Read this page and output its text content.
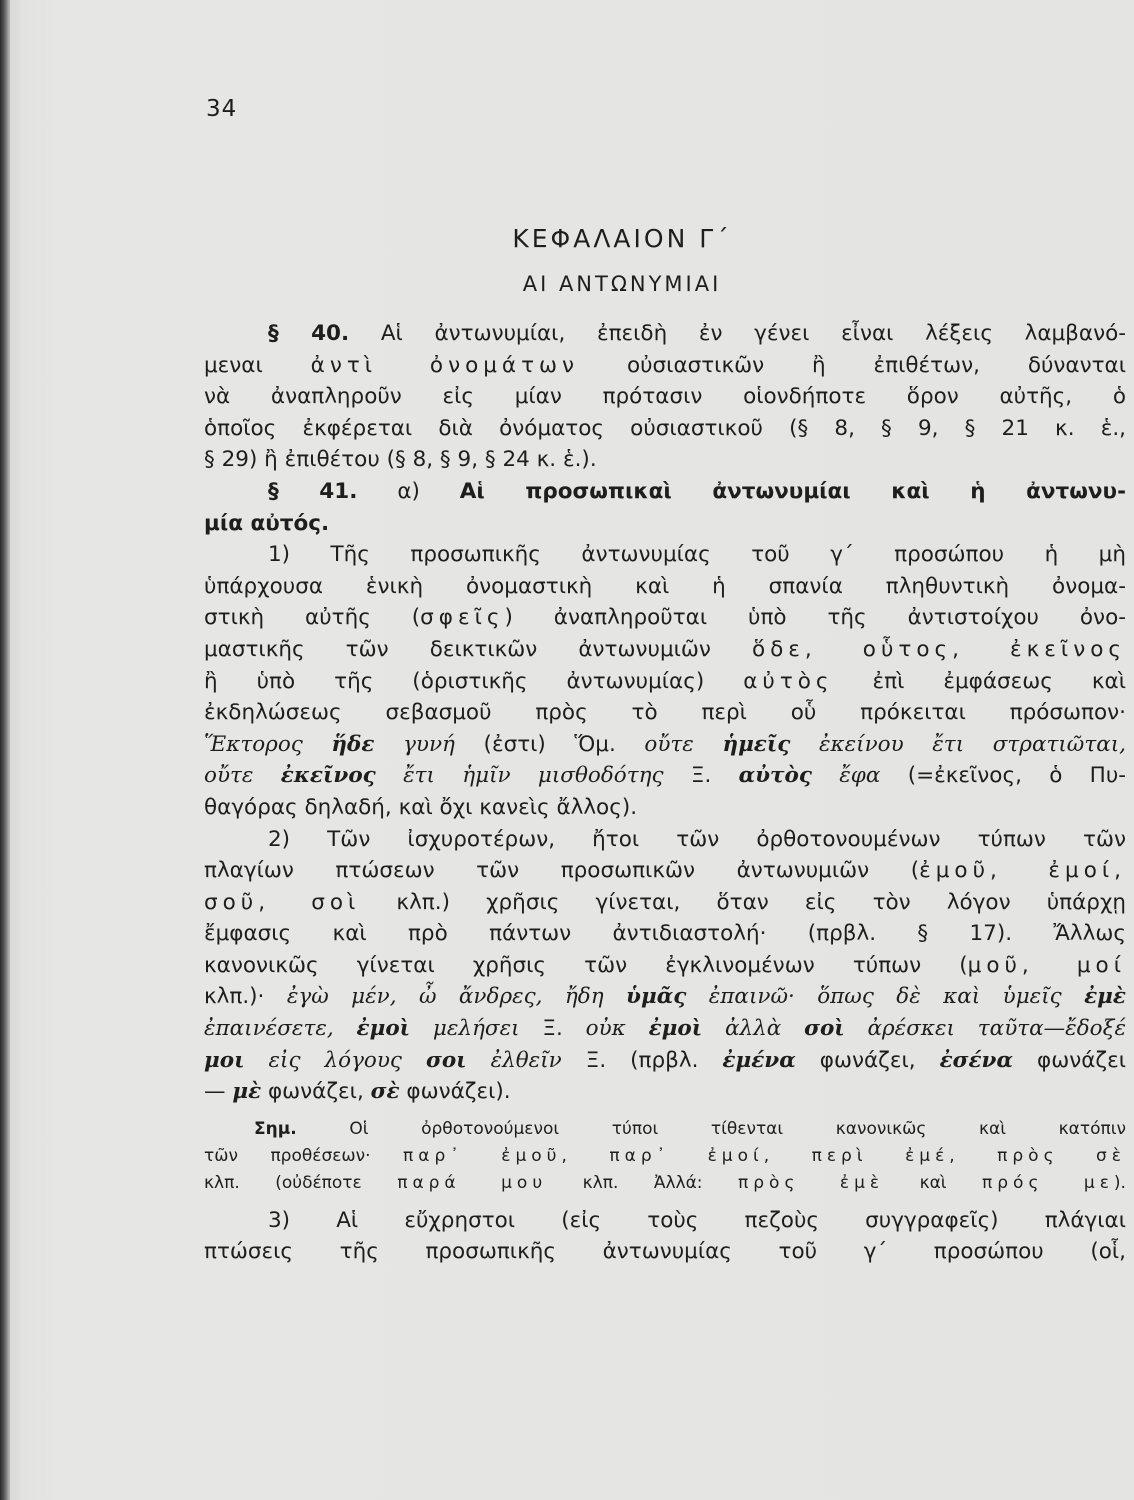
34
ΚΕΦΑΛΑΙΟΝ Γ΄
ΑΙ ΑΝΤΩΝΥΜΙΑΙ
§ 40. Αἱ ἀντωνυμίαι, ἐπειδὴ ἐν γένει εἶναι λέξεις λαμβανό-
μεναι ἀντὶ ὀνομάτων οὐσιαστικῶν ἢ ἐπιθέτων, δύνανται
νὰ ἀναπληροῦν εἰς μίαν πρότασιν οἱονδήποτε ὅρον αὐτῆς, ὁ
ὁποῖος ἐκφέρεται διὰ ὀνόματος οὐσιαστικοῦ (§ 8, § 9, § 21 κ. ἑ.,
§ 29) ἢ ἐπιθέτου (§ 8, § 9, § 24 κ. ἑ.).
§ 41. α) Αἱ προσωπικαὶ ἀντωνυμίαι καὶ ἡ ἀντωνυ-
μία αὐτός.
1) Τῆς προσωπικῆς ἀντωνυμίας τοῦ γ΄ προσώπου ἡ μὴ
ὑπάρχουσα ἑνικὴ ὀνομαστικὴ καὶ ἡ σπανία πληθυντικὴ ὀνομα-
στικὴ αὐτῆς (σφεῖς) ἀναπληροῦται ὑπὸ τῆς ἀντιστοίχου ὀνο-
μαστικῆς τῶν δεικτικῶν ἀντωνυμιῶν ὅδε, οὗτος, ἐκεῖνος
ἢ ὑπὸ τῆς (ὁριστικῆς ἀντωνυμίας) αὐτὸς ἐπὶ ἐμφάσεως καὶ
ἐκδηλώσεως σεβασμοῦ πρὸς τὸ περὶ οὗ πρόκειται πρόσωπον·
Ἕκτορος ἥδε γυνή (ἐστι) Ὅμ. οὔτε ἡμεῖς ἐκείνου ἔτι στρατιῶται,
οὔτε ἐκεῖνος ἔτι ἡμῖν μισθοδότης Ξ. αὐτὸς ἔφα (=ἐκεῖνος, ὁ Πυ-
θαγόρας δηλαδή, καὶ ὄχι κανεὶς ἄλλος).
2) Τῶν ἰσχυροτέρων, ἤτοι τῶν ὀρθοτονουμένων τύπων τῶν
πλαγίων πτώσεων τῶν προσωπικῶν ἀντωνυμιῶν (ἐμοῦ, ἐμοί,
σοῦ, σοὶ κλπ.) χρῆσις γίνεται, ὅταν εἰς τὸν λόγον ὑπάρχῃ
ἔμφασις καὶ πρὸ πάντων ἀντιδιαστολή· (πρβλ. § 17). Ἄλλως
κανονικῶς γίνεται χρῆσις τῶν ἐγκλινομένων τύπων (μοῦ, μοί
κλπ.)· ἐγὼ μέν, ὦ ἄνδρες, ἤδη ὑμᾶς ἐπαινῶ· ὅπως δὲ καὶ ὑμεῖς ἐμὲ
ἐπαινέσετε, ἐμοὶ μελήσει Ξ. οὐκ ἐμοὶ ἀλλὰ σοὶ ἀρέσκει ταῦτα—ἔδοξέ
μοι εἰς λόγους σοι ἐλθεῖν Ξ. (πρβλ. ἐμένα φωνάζει, ἐσένα φωνάζει
— μὲ φωνάζει, σὲ φωνάζει).
Σημ. Οἱ ὀρθοτονούμενοι τύποι τίθενται κανονικῶς καὶ κατόπιν
τῶν προθέσεων· παρ᾽ ἐμοῦ, παρ᾽ ἐμοί, περὶ ἐμέ, πρὸς σὲ
κλπ. (οὐδέποτε παρά μου κλπ. Ἀλλά: πρὸς ἐμὲ καὶ πρός με).
3) Αἱ εὔχρηστοι (εἰς τοὺς πεζοὺς συγγραφεῖς) πλάγιαι
πτώσεις τῆς προσωπικῆς ἀντωνυμίας τοῦ γ΄ προσώπου (οἷ,
